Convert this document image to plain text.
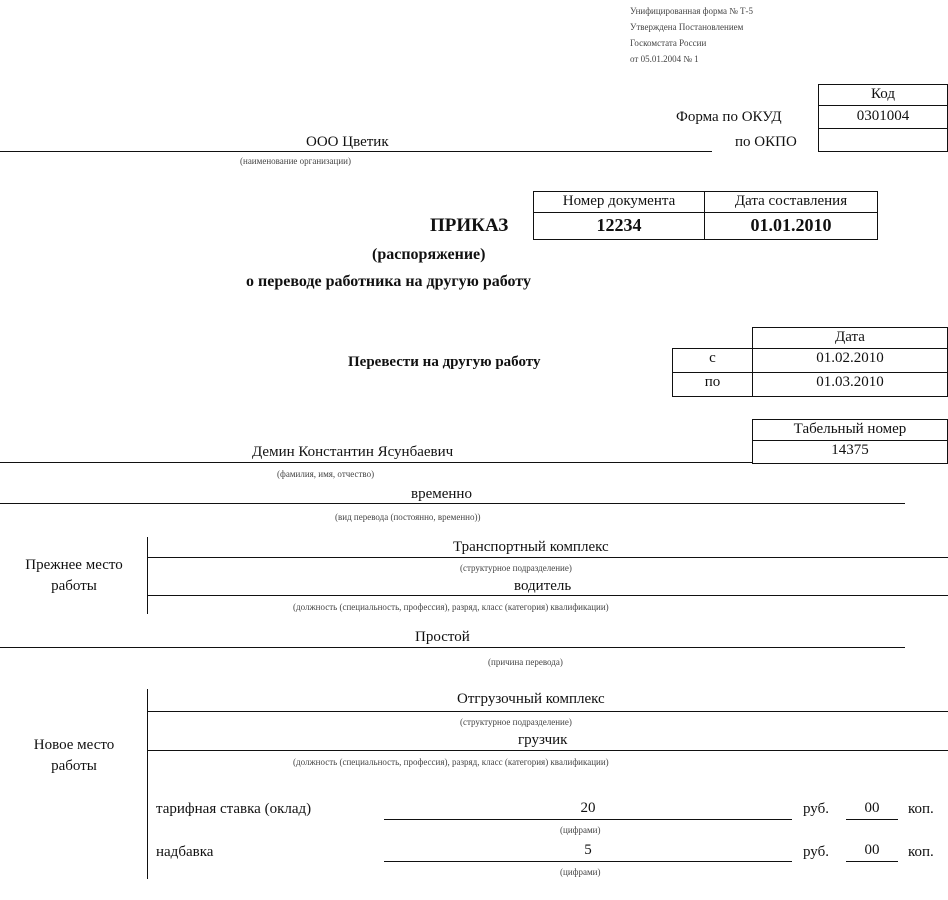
Унифицированная форма № Т-5
Утверждена Постановлением
Госкомстата России
от 05.01.2004 № 1
Код
Форма по ОКУД	0301004
по ОКПО
ООО Цветик
(наименование организации)
Номер документа	Дата составления
12234	01.01.2010
ПРИКАЗ
(распоряжение)
о переводе работника на другую работу
Дата
Перевести на другую работу	с	01.02.2010
по	01.03.2010
Табельный номер
14375
Демин Константин Ясунбаевич
(фамилия, имя, отчество)
временно
(вид перевода (постоянно, временно))
Прежнее место
работы
Транспортный комплекс
(структурное подразделение)
водитель
(должность (специальность, профессия), разряд, класс (категория) квалификации)
Простой
(причина перевода)
Новое место
работы
Отгрузочный комплекс
(структурное подразделение)
грузчик
(должность (специальность, профессия), разряд, класс (категория) квалификации)
тарифная ставка (оклад)	20
(цифрами)
руб.	00	коп.
надбавка	5
(цифрами)
руб.	00	коп.
